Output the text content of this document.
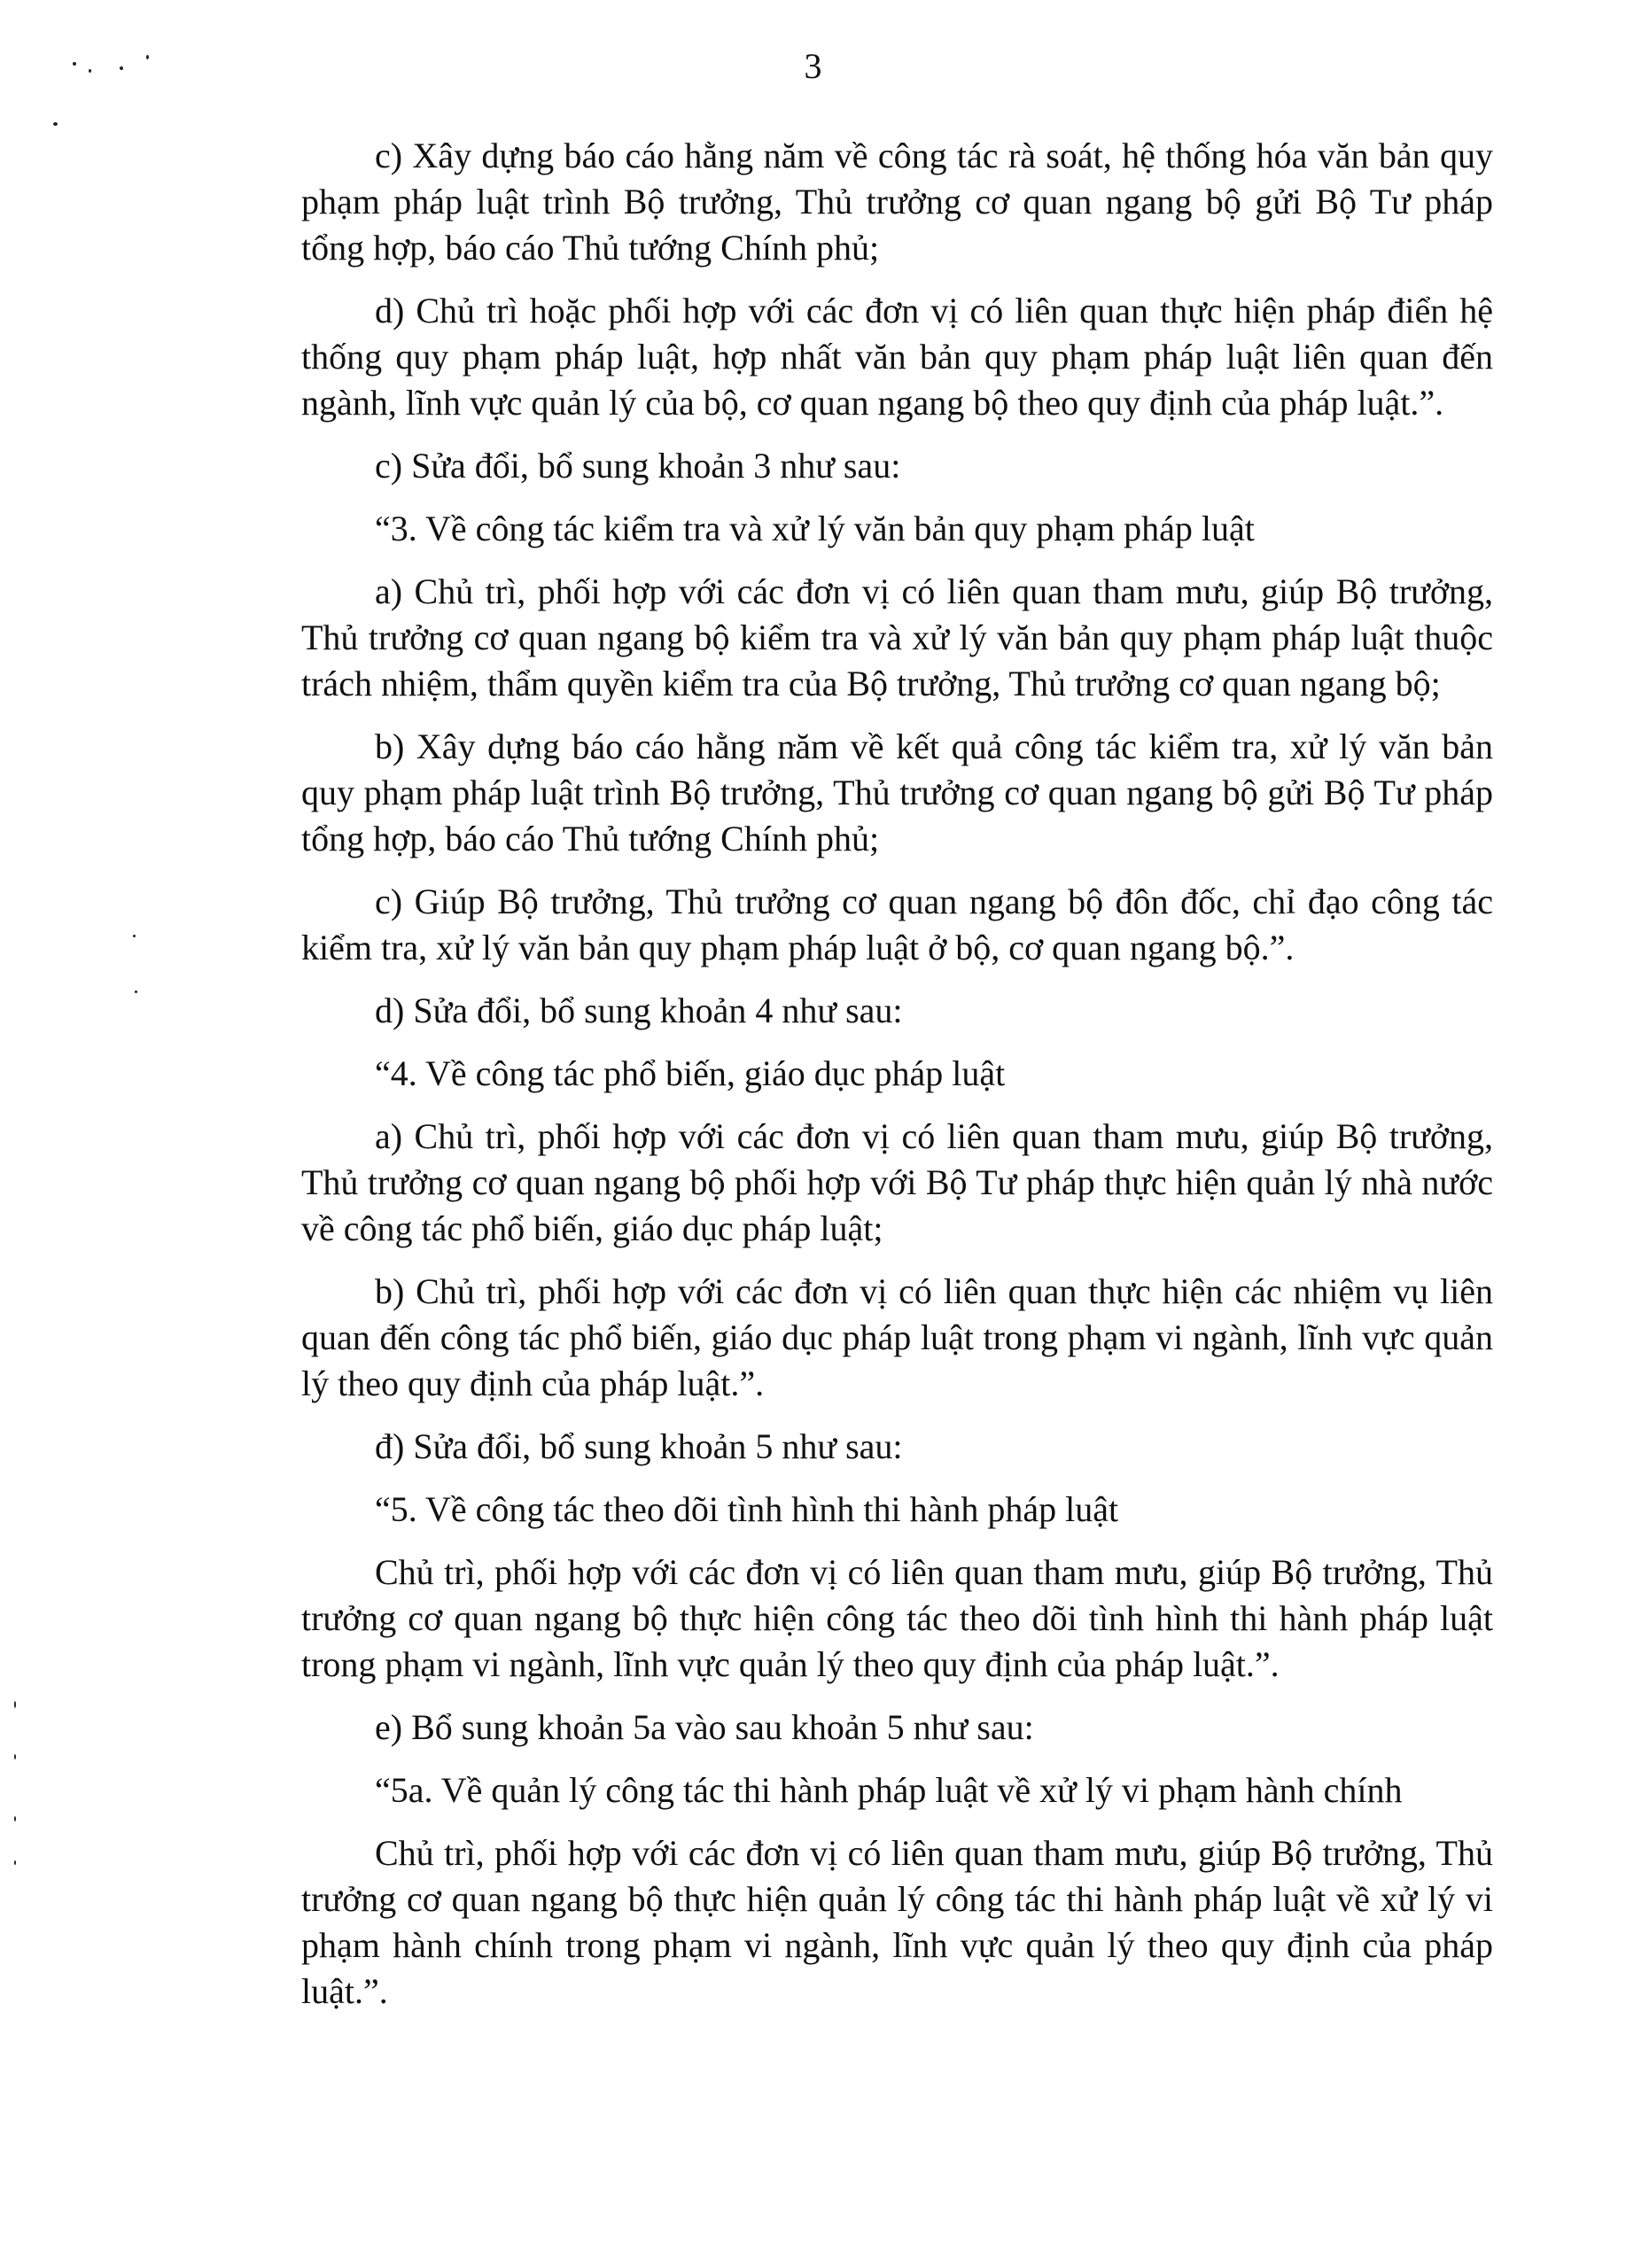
3

c) Xây dựng báo cáo hằng năm về công tác rà soát, hệ thống hóa văn bản quy phạm pháp luật trình Bộ trưởng, Thủ trưởng cơ quan ngang bộ gửi Bộ Tư pháp tổng hợp, báo cáo Thủ tướng Chính phủ;

d) Chủ trì hoặc phối hợp với các đơn vị có liên quan thực hiện pháp điển hệ thống quy phạm pháp luật, hợp nhất văn bản quy phạm pháp luật liên quan đến ngành, lĩnh vực quản lý của bộ, cơ quan ngang bộ theo quy định của pháp luật.”.

c) Sửa đổi, bổ sung khoản 3 như sau:

“3. Về công tác kiểm tra và xử lý văn bản quy phạm pháp luật

a) Chủ trì, phối hợp với các đơn vị có liên quan tham mưu, giúp Bộ trưởng, Thủ trưởng cơ quan ngang bộ kiểm tra và xử lý văn bản quy phạm pháp luật thuộc trách nhiệm, thẩm quyền kiểm tra của Bộ trưởng, Thủ trưởng cơ quan ngang bộ;

b) Xây dựng báo cáo hằng năm về kết quả công tác kiểm tra, xử lý văn bản quy phạm pháp luật trình Bộ trưởng, Thủ trưởng cơ quan ngang bộ gửi Bộ Tư pháp tổng hợp, báo cáo Thủ tướng Chính phủ;

c) Giúp Bộ trưởng, Thủ trưởng cơ quan ngang bộ đôn đốc, chỉ đạo công tác kiểm tra, xử lý văn bản quy phạm pháp luật ở bộ, cơ quan ngang bộ.”.

d) Sửa đổi, bổ sung khoản 4 như sau:

“4. Về công tác phổ biến, giáo dục pháp luật

a) Chủ trì, phối hợp với các đơn vị có liên quan tham mưu, giúp Bộ trưởng, Thủ trưởng cơ quan ngang bộ phối hợp với Bộ Tư pháp thực hiện quản lý nhà nước về công tác phổ biến, giáo dục pháp luật;

b) Chủ trì, phối hợp với các đơn vị có liên quan thực hiện các nhiệm vụ liên quan đến công tác phổ biến, giáo dục pháp luật trong phạm vi ngành, lĩnh vực quản lý theo quy định của pháp luật.”.

đ) Sửa đổi, bổ sung khoản 5 như sau:

“5. Về công tác theo dõi tình hình thi hành pháp luật

Chủ trì, phối hợp với các đơn vị có liên quan tham mưu, giúp Bộ trưởng, Thủ trưởng cơ quan ngang bộ thực hiện công tác theo dõi tình hình thi hành pháp luật trong phạm vi ngành, lĩnh vực quản lý theo quy định của pháp luật.”.

e) Bổ sung khoản 5a vào sau khoản 5 như sau:

“5a. Về quản lý công tác thi hành pháp luật về xử lý vi phạm hành chính

Chủ trì, phối hợp với các đơn vị có liên quan tham mưu, giúp Bộ trưởng, Thủ trưởng cơ quan ngang bộ thực hiện quản lý công tác thi hành pháp luật về xử lý vi phạm hành chính trong phạm vi ngành, lĩnh vực quản lý theo quy định của pháp luật.”.
